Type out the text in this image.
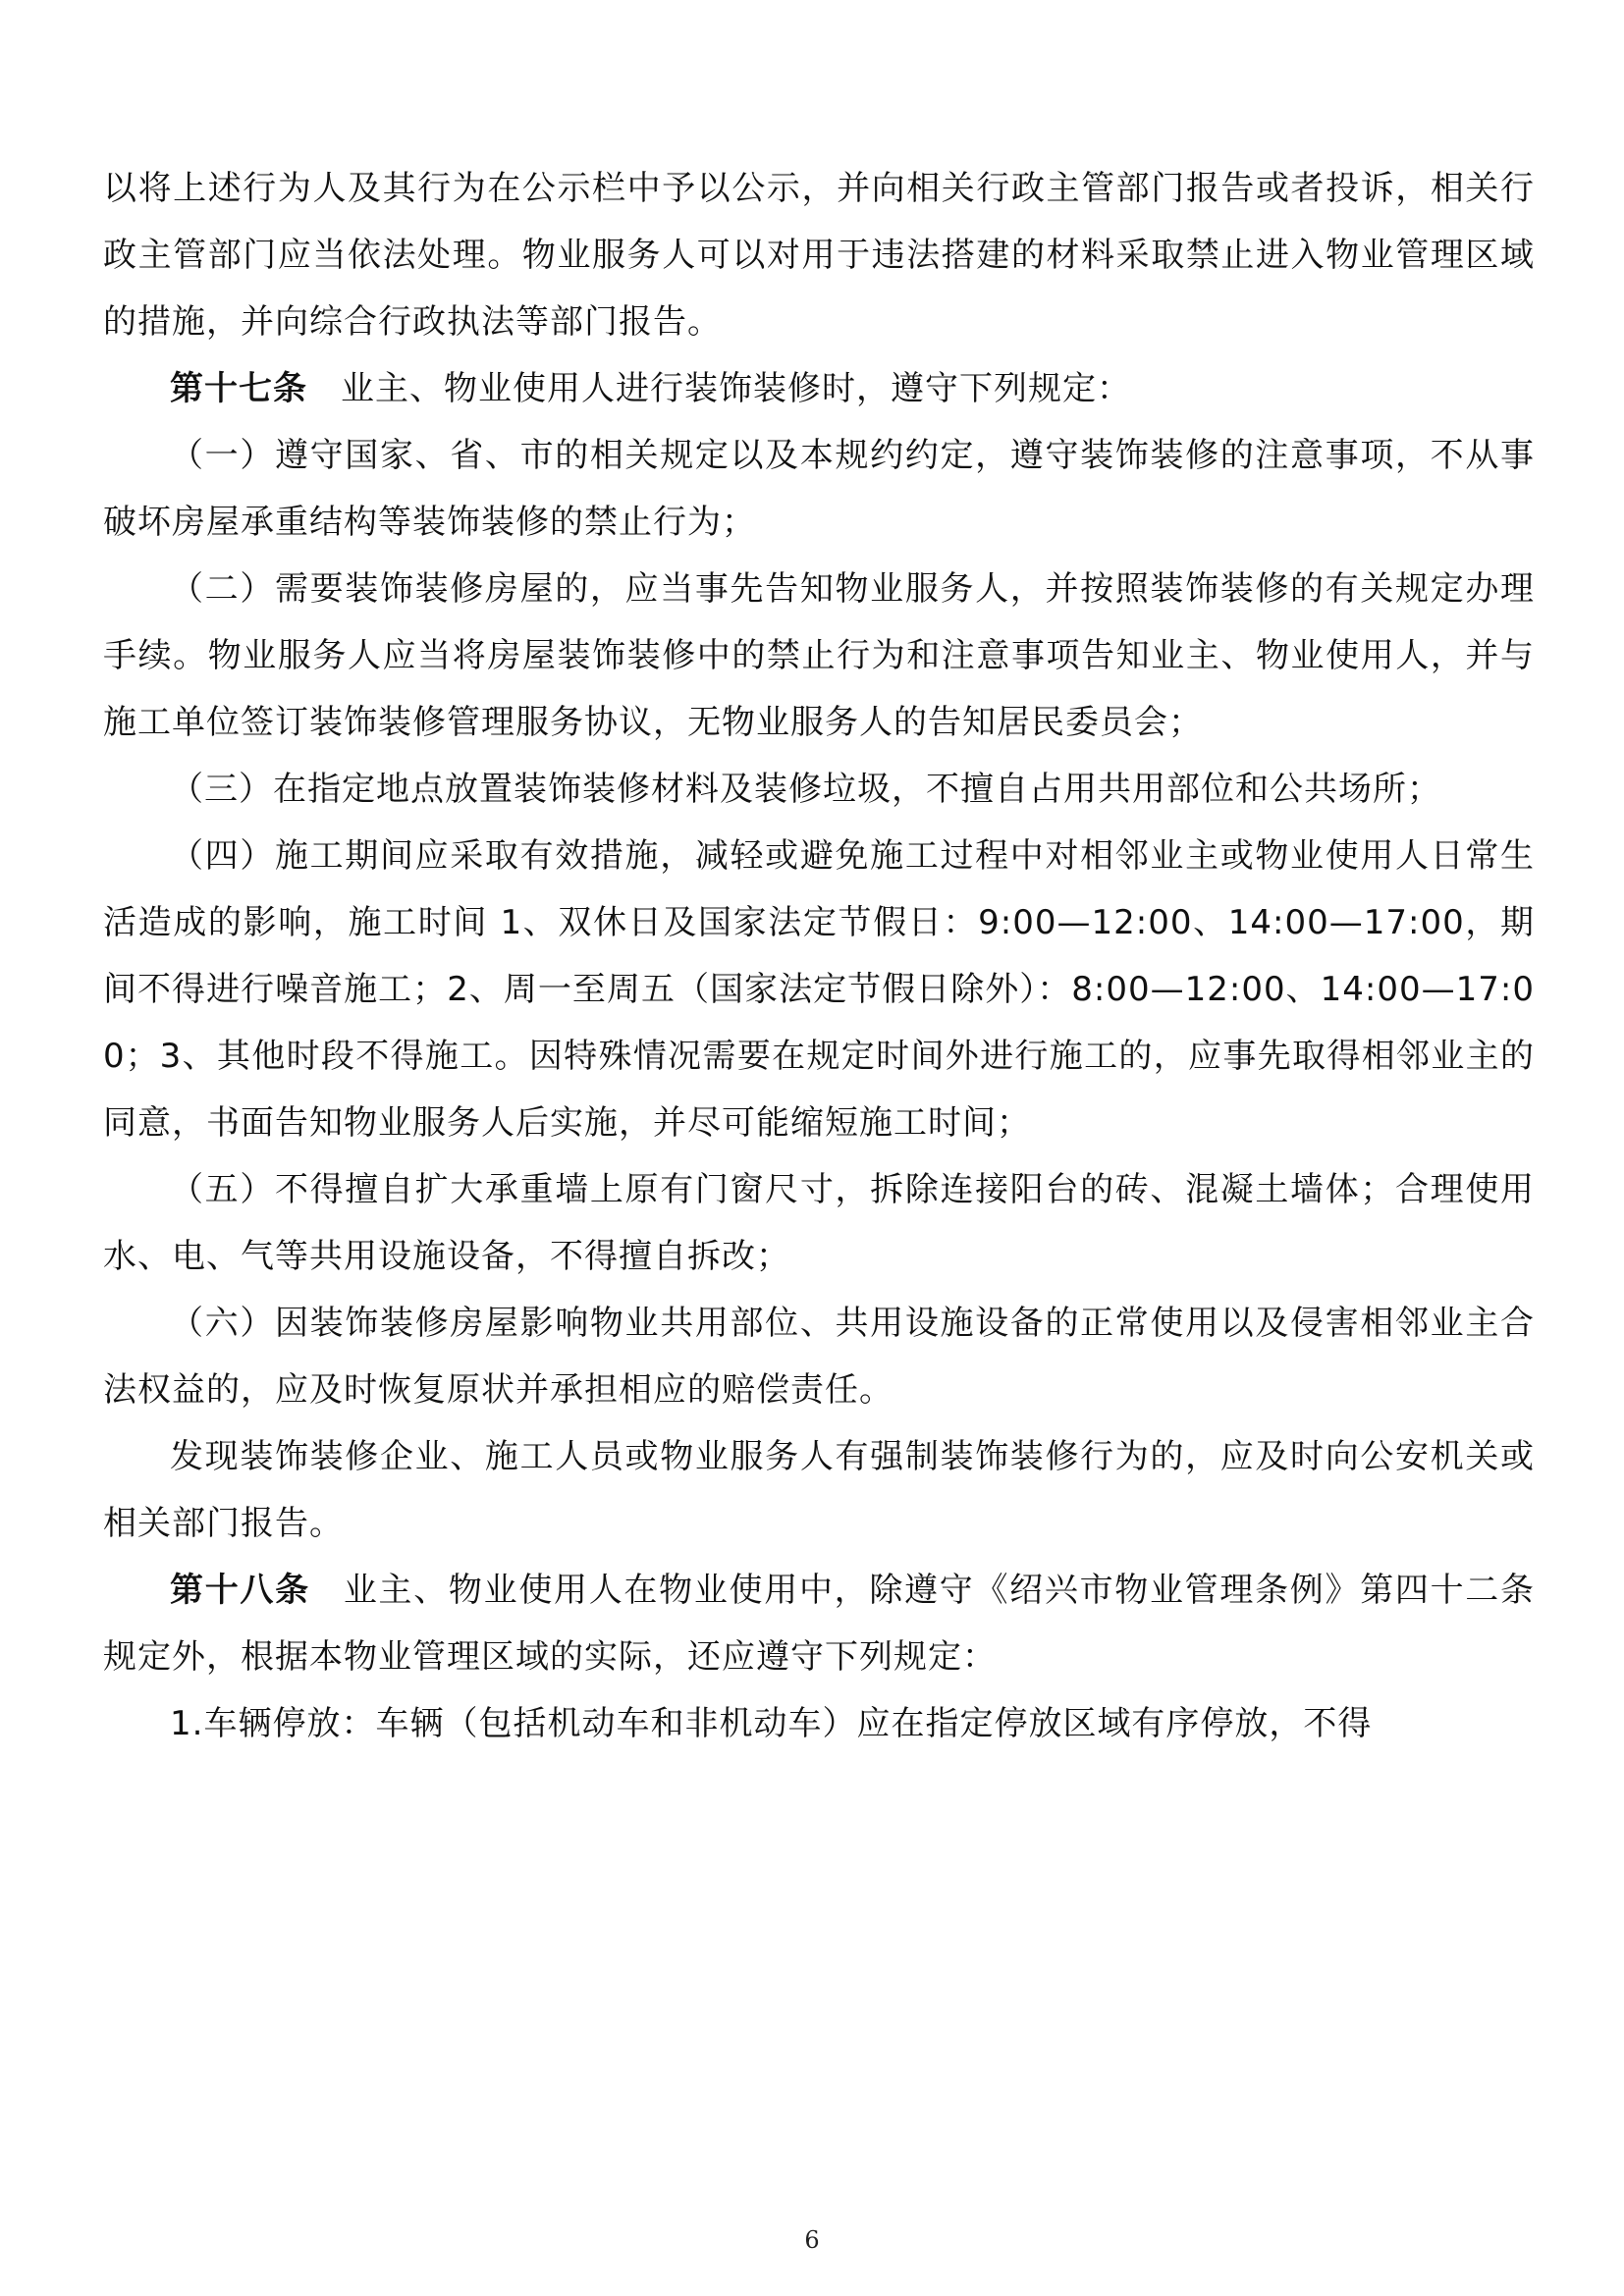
以将上述行为人及其行为在公示栏中予以公示，并向相关行政主管部门报告或者投诉，相关行政主管部门应当依法处理。物业服务人可以对用于违法搭建的材料采取禁止进入物业管理区域的措施，并向综合行政执法等部门报告。

第十七条 业主、物业使用人进行装饰装修时，遵守下列规定：

（一）遵守国家、省、市的相关规定以及本规约约定，遵守装饰装修的注意事项，不从事破坏房屋承重结构等装饰装修的禁止行为；

（二）需要装饰装修房屋的，应当事先告知物业服务人，并按照装饰装修的有关规定办理手续。物业服务人应当将房屋装饰装修中的禁止行为和注意事项告知业主、物业使用人，并与施工单位签订装饰装修管理服务协议，无物业服务人的告知居民委员会；

（三）在指定地点放置装饰装修材料及装修垃圾，不擅自占用共用部位和公共场所；

（四）施工期间应采取有效措施，减轻或避免施工过程中对相邻业主或物业使用人日常生活造成的影响，施工时间 1、双休日及国家法定节假日：9:00—12:00、14:00—17:00，期间不得进行噪音施工；2、周一至周五（国家法定节假日除外）：8:00—12:00、14:00—17:00；3、其他时段不得施工。因特殊情况需要在规定时间外进行施工的，应事先取得相邻业主的同意，书面告知物业服务人后实施，并尽可能缩短施工时间；

（五）不得擅自扩大承重墙上原有门窗尺寸，拆除连接阳台的砖、混凝土墙体；合理使用水、电、气等共用设施设备，不得擅自拆改；

（六）因装饰装修房屋影响物业共用部位、共用设施设备的正常使用以及侵害相邻业主合法权益的，应及时恢复原状并承担相应的赔偿责任。

发现装饰装修企业、施工人员或物业服务人有强制装饰装修行为的，应及时向公安机关或相关部门报告。

第十八条 业主、物业使用人在物业使用中，除遵守《绍兴市物业管理条例》第四十二条规定外，根据本物业管理区域的实际，还应遵守下列规定：

1.车辆停放：车辆（包括机动车和非机动车）应在指定停放区域有序停放，不得

6
